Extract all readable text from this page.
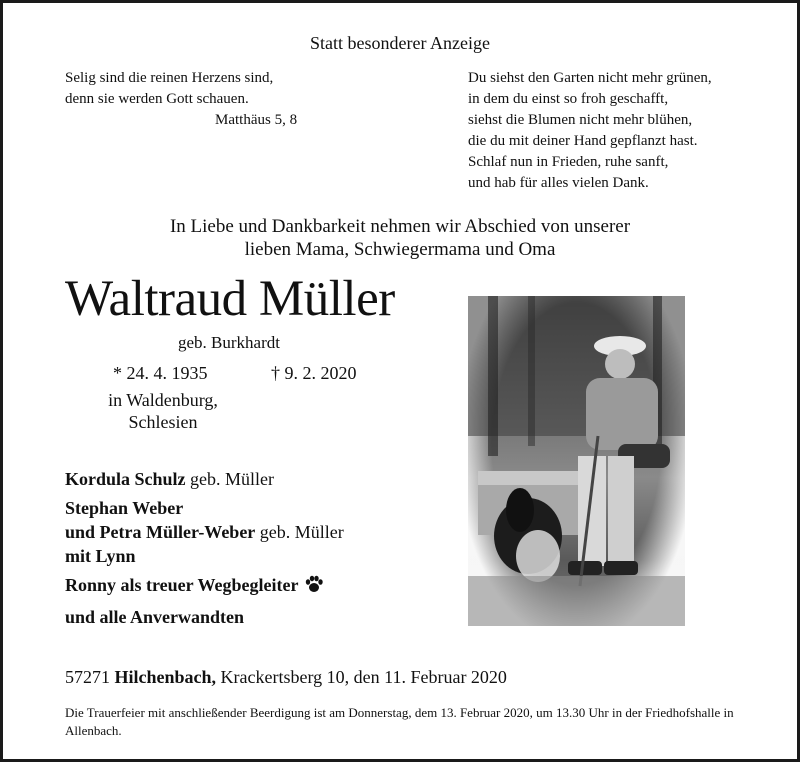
Statt besonderer Anzeige
Selig sind die reinen Herzens sind,
denn sie werden Gott schauen.
Matthäus 5, 8
Du siehst den Garten nicht mehr grünen,
in dem du einst so froh geschafft,
siehst die Blumen nicht mehr blühen,
die du mit deiner Hand gepflanzt hast.
Schlaf nun in Frieden, ruhe sanft,
und hab für alles vielen Dank.
In Liebe und Dankbarkeit nehmen wir Abschied von unserer
lieben Mama, Schwiegermama und Oma
Waltraud Müller
geb. Burkhardt
* 24. 4. 1935	† 9. 2. 2020
in Waldenburg,
Schlesien
Kordula Schulz geb. Müller
Stephan Weber
und Petra Müller-Weber geb. Müller
mit Lynn
Ronny als treuer Wegbegleiter
und alle Anverwandten
57271 Hilchenbach, Krackertsberg 10, den 11. Februar 2020
Die Trauerfeier mit anschließender Beerdigung ist am Donnerstag, dem 13. Februar 2020, um 13.30 Uhr in der Friedhofshalle in Allenbach.
